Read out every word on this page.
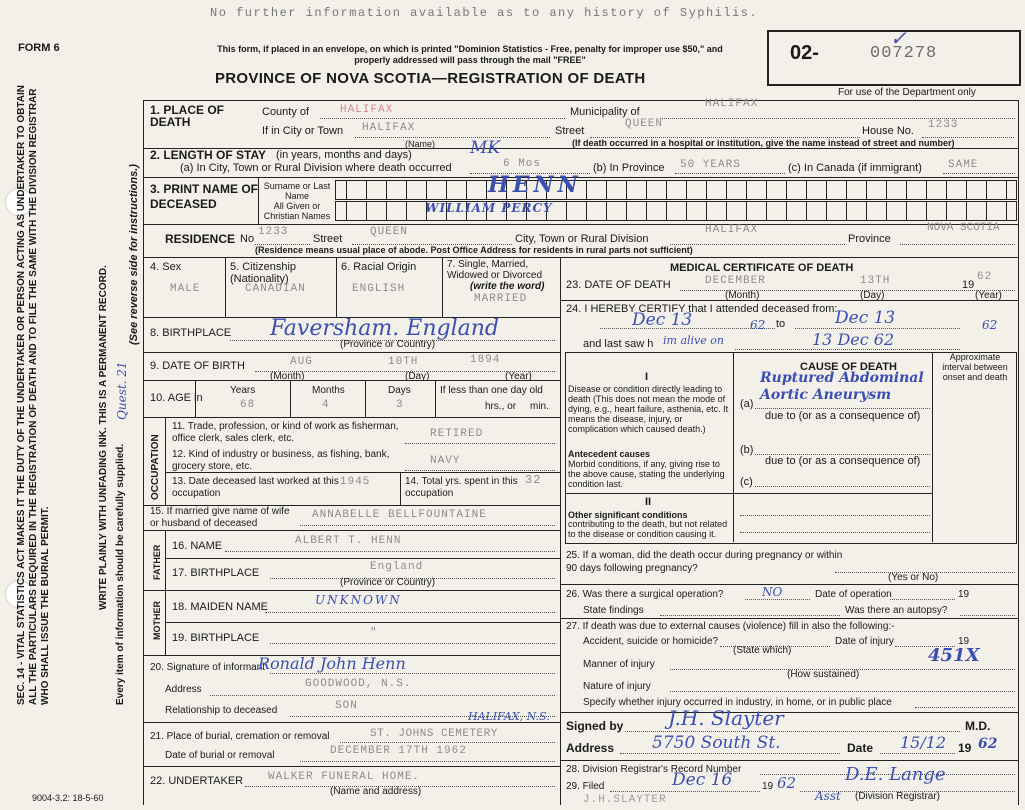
No further information available as to any history of Syphilis.
FORM 6	This form, if placed in an envelope, on which is printed "Dominion Statistics - Free, penalty for improper use $50," and properly addressed will pass through the mail "FREE"
PROVINCE OF NOVA SCOTIA—REGISTRATION OF DEATH
02-	007278
For use of the Department only
✓
SEC. 14 - VITAL STATISTICS ACT MAKES IT THE DUTY OF THE UNDERTAKER OR PERSON ACTING AS UNDERTAKER TO OBTAIN ALL THE PARTICULARS REQUIRED IN THE REGISTRATION OF DEATH AND TO FILE THE SAME WITH THE DIVISION REGISTRAR WHO SHALL ISSUE THE BURIAL PERMIT.	WRITE PLAINLY WITH UNFADING INK. THIS IS A PERMANENT RECORD. Every item of information should be carefully supplied.
(See reverse side for instructions.)
Quest. 21
1. PLACE OF DEATH
County of	HALIFAX	Municipality of
HALIFAX
If in City or Town HALIFAX
(Name)
Street
QUEEN
House No. 1233
(If death occurred in a hospital or institution, give the name instead of street and number)
2. LENGTH OF STAY (in years, months and days)	MK
(a) In City, Town or Rural Division where death occurred	6 Mos	(b) In Province 50 YEARS	(c) In Canada (if immigrant) SAME
3. PRINT NAME OF DECEASED
Surname or Last Name
All Given or Christian Names
HENN
WILLIAM PERCY
RESIDENCE No
1233
Street
QUEEN
City, Town or Rural Division
HALIFAX
Province
NOVA SCOTIA
(Residence means usual place of abode. Post Office Address for residents in rural parts not sufficient)
4. Sex
MALE
5. Citizenship (Nationality)
CANADIAN
6. Racial Origin
ENGLISH
7. Single, Married, Widowed or Divorced
(write the word)
MARRIED
8. BIRTHPLACE Faversham. England
(Province or Country)
9. DATE OF BIRTH	AUG	10TH	1894
(Month)	(Day)	(Year)
10. AGE in
Years
68
Months
4
Days
3
If less than one day old
hrs., or min.
OCCUPATION
11. Trade, profession, or kind of work as fisherman, office clerk, sales clerk, etc.	RETIRED
12. Kind of industry or business, as fishing, bank, grocery store, etc.	NAVY
13. Date deceased last worked at this occupation
1945	14. Total yrs. spent in this occupation
32
15. If married give name of wife or husband of deceased
ANNABELLE BELLFOUNTAINE
FATHER 16. NAME	ALBERT T. HENN
17. BIRTHPLACE	England
(Province or Country)
MOTHER 18. MAIDEN NAME	UNKNOWN
19. BIRTHPLACE	"
20. Signature of informant
Ronald John Henn
Address	GOODWOOD, N.S.
Relationship to deceased	SON
21. Place of burial, cremation or removal	ST. JOHNS CEMETERY
HALIFAX, N.S.
Date of burial or removal	DECEMBER 17TH 1962
22. UNDERTAKER WALKER FUNERAL HOME.
(Name and address)
MEDICAL CERTIFICATE OF DEATH
23. DATE OF DEATH	DECEMBER	13TH	19
62
(Month)	(Day)	(Year)
24. I HEREBY CERTIFY that I attended deceased from:
Dec 13	to
62	Dec 13	62
and last saw h im alive on	13 Dec 62
CAUSE OF DEATH
Approximate interval between onset and death
I
Disease or condition directly leading to death (This does not mean the mode of dying, e.g., heart failure, asthenia, etc. It means the disease, injury, or complication which caused death.)
(a)
Ruptured Abdominal Aortic Aneurysm
due to (or as a consequence of)
Antecedent causes
Morbid conditions, if any, giving rise to the above cause, stating the underlying condition last.
(b)
due to (or as a consequence of)
(c)
II
Other significant conditions
contributing to the death, but not related to the disease or condition causing it.
25. If a woman, did the death occur during pregnancy or within 90 days following pregnancy?
(Yes or No)
26. Was there a surgical operation?	NO	Date of operation	19
State findings	Was there an autopsy?
27. If death was due to external causes (violence) fill in also the following:-
Accident, suicide or homicide?	Date of injury	19
(State which)	451X
Manner of injury
(How sustained)
Nature of injury
Specify whether injury occurred in industry, in home, or in public place
Signed by J.H. Slayter	M.D.
Address 5750 South St.	Date 15/12 19 62
28. Division Registrar's Record Number
29. Filed	Dec 16	19 62	D.E. Lange
Asst (Division Registrar)
9004-3.2: 18-5-60	J.H.SLAYTER
